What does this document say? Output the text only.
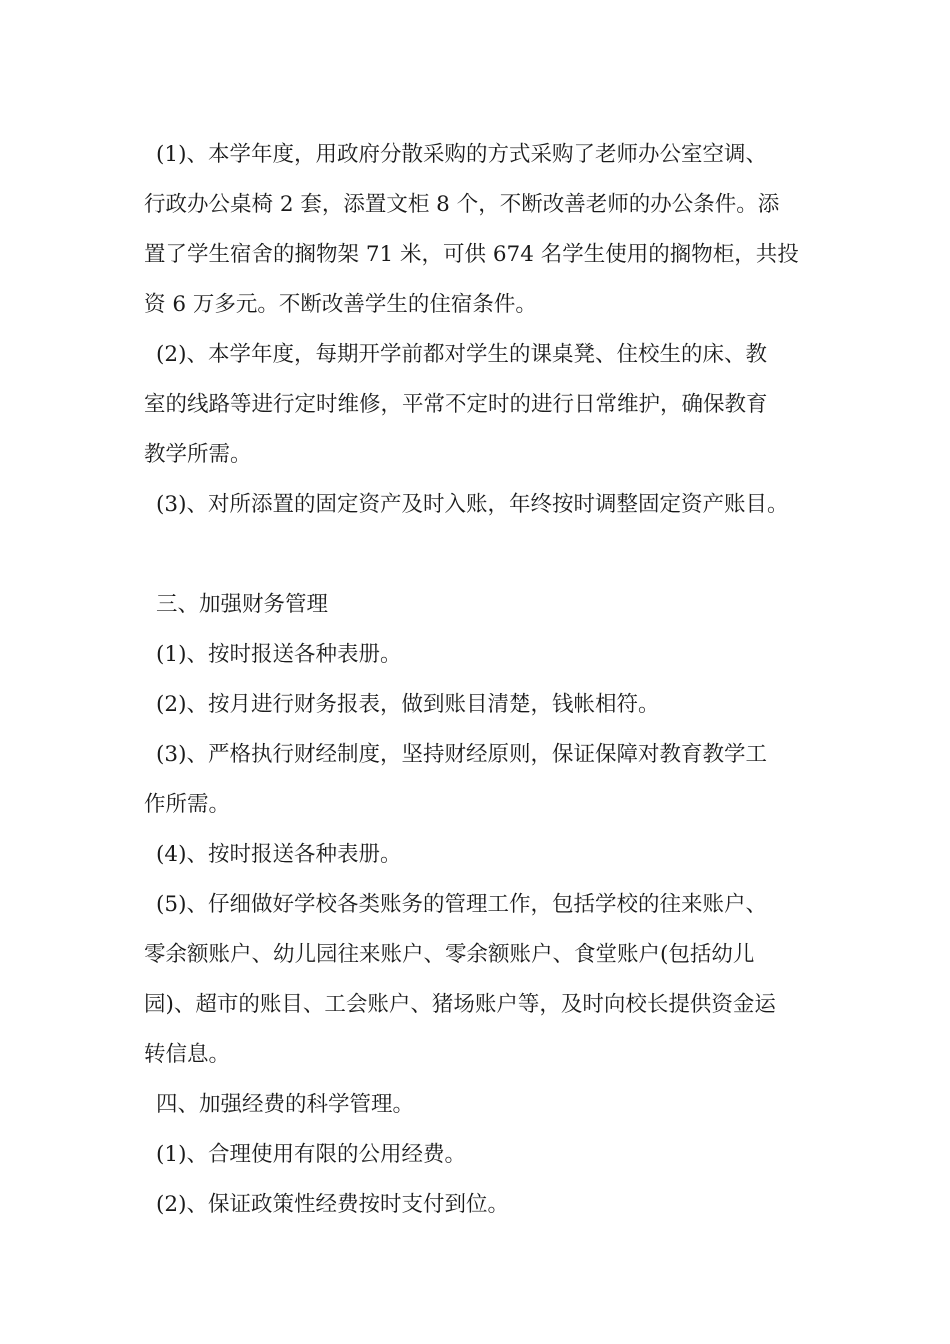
(1)、本学年度，用政府分散采购的方式采购了老师办公室空调、

行政办公桌椅 2 套，添置文柜 8 个，不断改善老师的办公条件。添

置了学生宿舍的搁物架 71 米，可供 674 名学生使用的搁物柜，共投

资 6 万多元。不断改善学生的住宿条件。

(2)、本学年度，每期开学前都对学生的课桌凳、住校生的床、教

室的线路等进行定时维修，平常不定时的进行日常维护，确保教育

教学所需。

(3)、对所添置的固定资产及时入账，年终按时调整固定资产账目。

三、加强财务管理

(1)、按时报送各种表册。

(2)、按月进行财务报表，做到账目清楚，钱帐相符。

(3)、严格执行财经制度，坚持财经原则，保证保障对教育教学工

作所需。

(4)、按时报送各种表册。

(5)、仔细做好学校各类账务的管理工作，包括学校的往来账户、

零余额账户、幼儿园往来账户、零余额账户、食堂账户(包括幼儿

园)、超市的账目、工会账户、猪场账户等，及时向校长提供资金运

转信息。

四、加强经费的科学管理。

(1)、合理使用有限的公用经费。

(2)、保证政策性经费按时支付到位。
